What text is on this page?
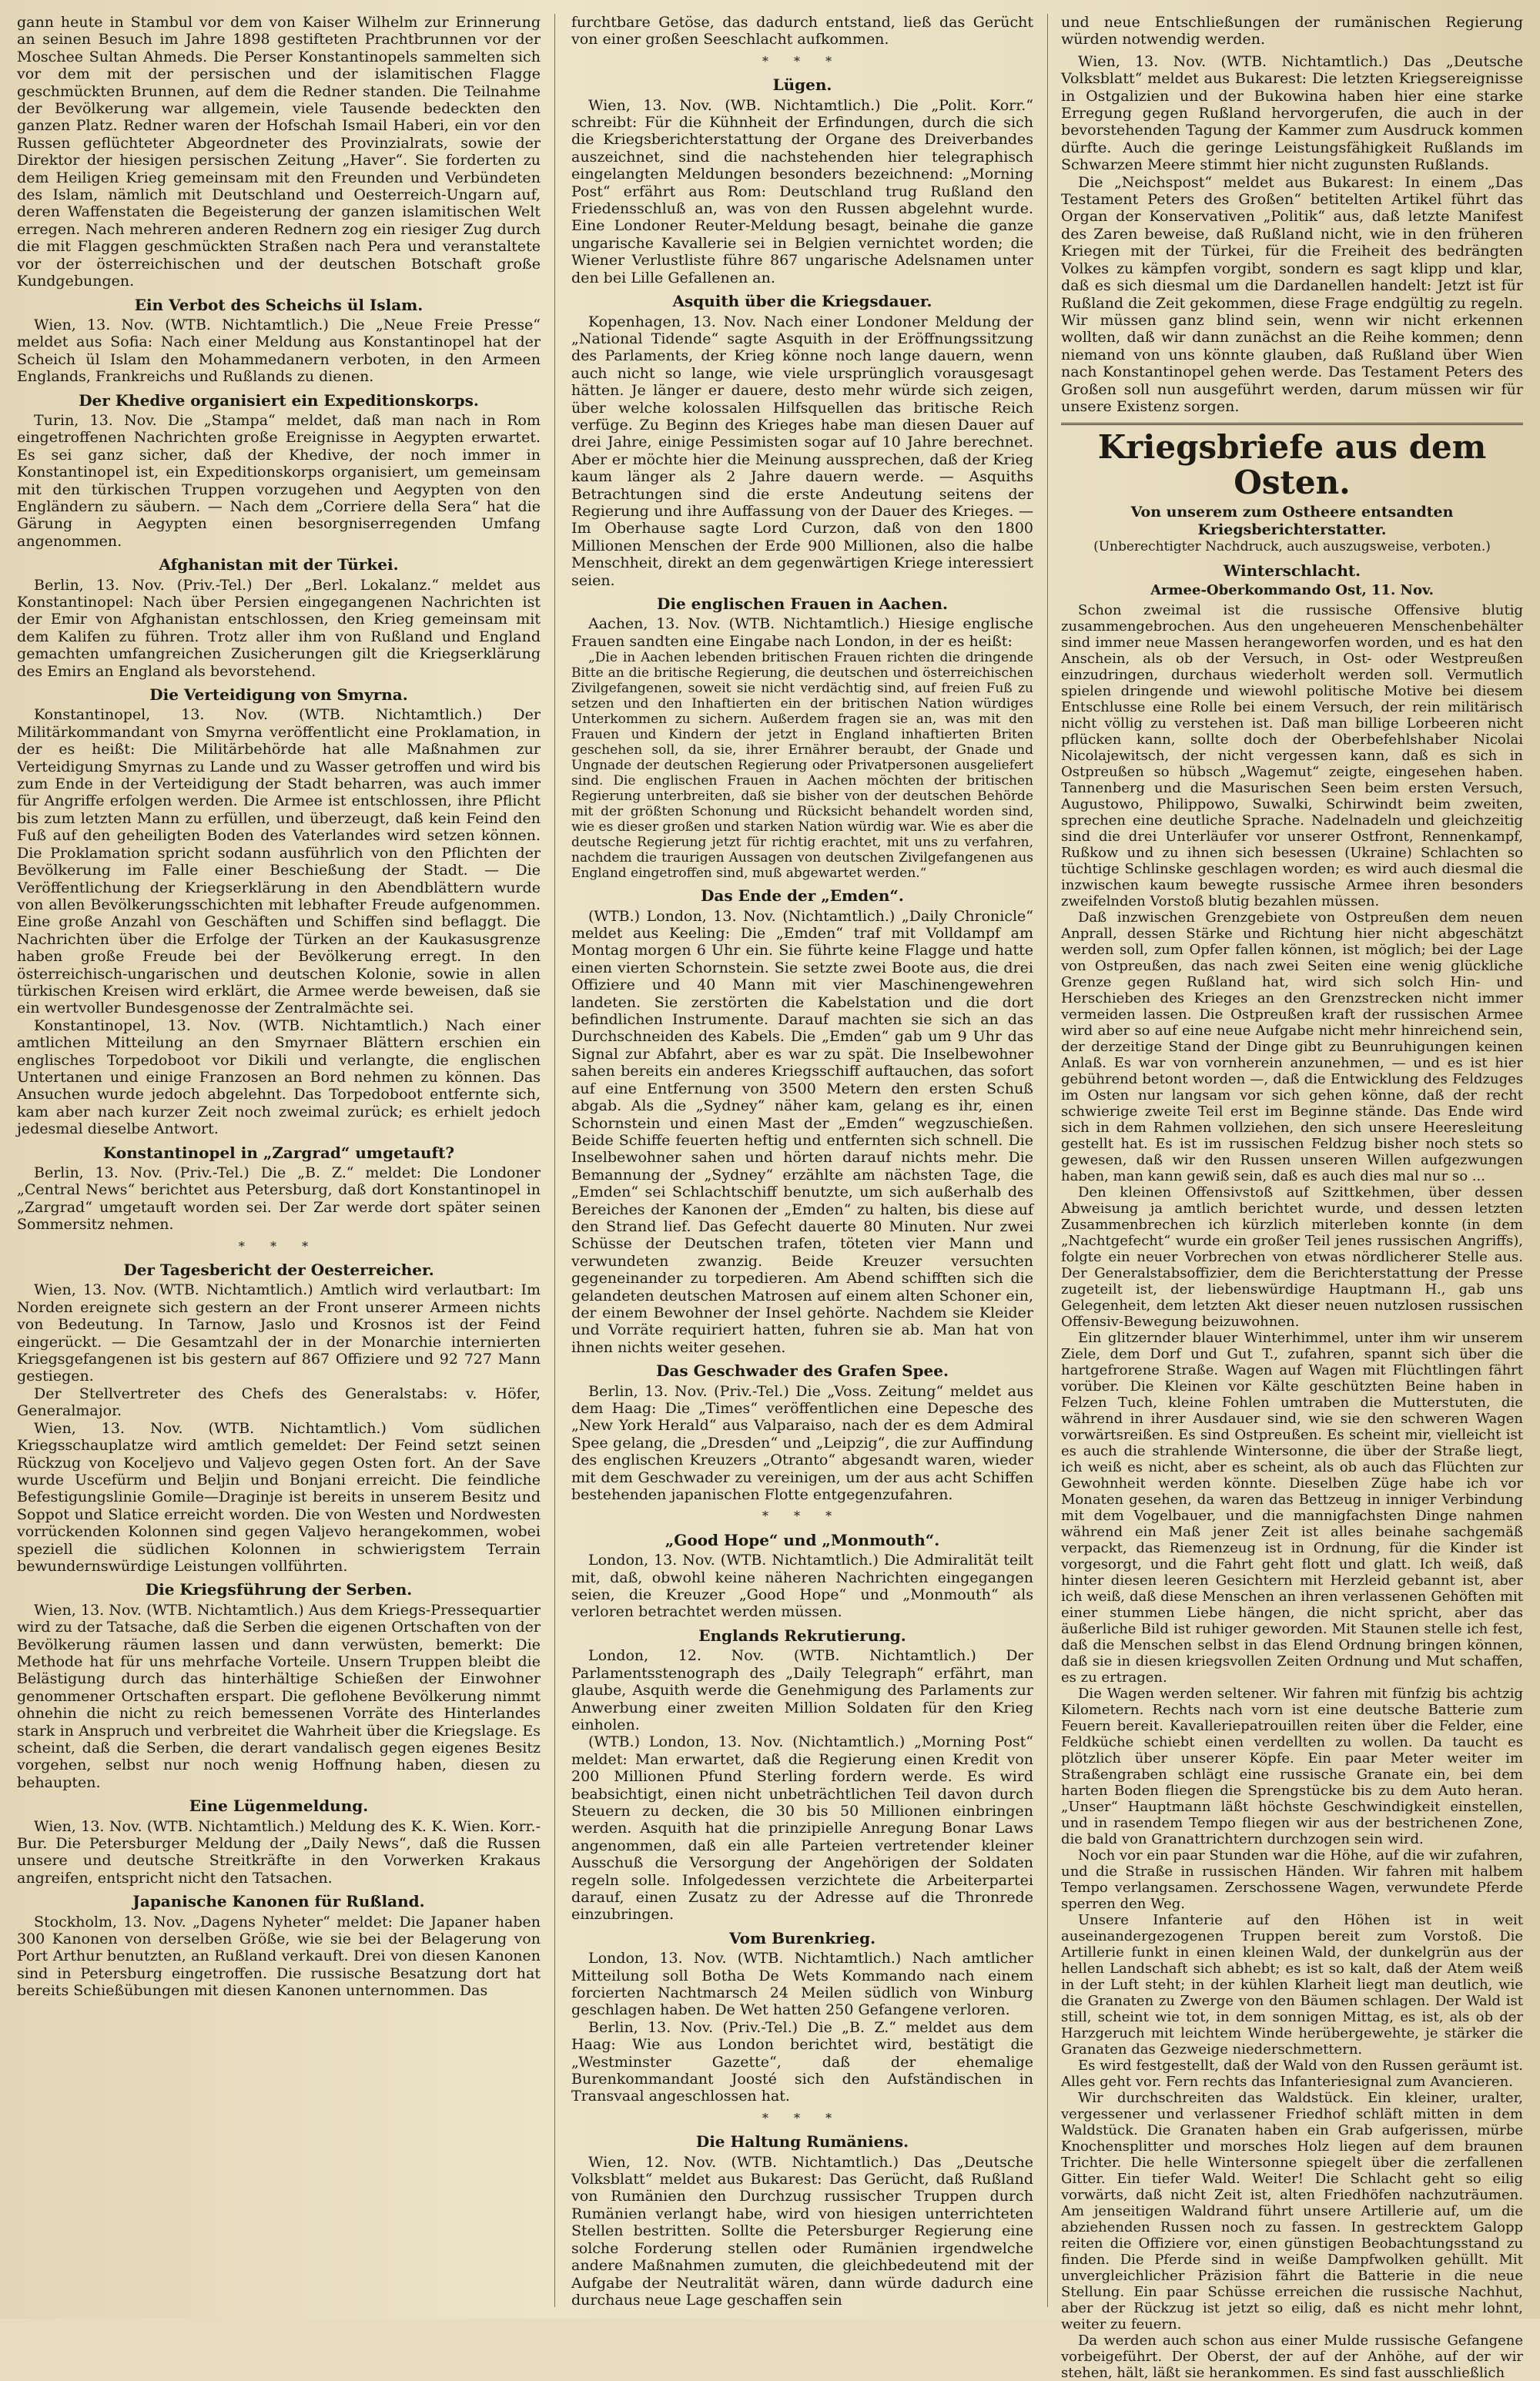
gann heute in Stambul vor dem von Kaiser Wilhelm zur Erinnerung an seinen Besuch im Jahre 1898 gestifteten Prachtbrunnen vor der Moschee Sultan Ahmeds. Die Perser Konstantinopels sammelten sich vor dem mit der persischen und der islamitischen Flagge geschmückten Brunnen, auf dem die Redner standen. Die Teilnahme der Bevölkerung war allgemein, viele Tausende bedeckten den ganzen Platz. Redner waren der Hofschah Ismail Haberi, ein vor den Russen geflüchteter Abgeordneter des Provinzialrats, sowie der Direktor der hiesigen persischen Zeitung „Haver“. Sie forderten zu dem Heiligen Krieg gemeinsam mit den Freunden und Verbündeten des Islam, nämlich mit Deutschland und Oesterreich-Ungarn auf, deren Waffenstaten die Begeisterung der ganzen islamitischen Welt erregen. Nach mehreren anderen Rednern zog ein riesiger Zug durch die mit Flaggen geschmückten Straßen nach Pera und veranstaltete vor der österreichischen und der deutschen Botschaft große Kundgebungen.

Ein Verbot des Scheichs ül Islam.

Wien, 13. Nov. (WTB. Nichtamtlich.) Die „Neue Freie Presse“ meldet aus Sofia: Nach einer Meldung aus Konstantinopel hat der Scheich ül Islam den Mohammedanern verboten, in den Armeen Englands, Frankreichs und Rußlands zu dienen.

Der Khedive organisiert ein Expeditionskorps.

Turin, 13. Nov. Die „Stampa“ meldet, daß man nach in Rom eingetroffenen Nachrichten große Ereignisse in Aegypten erwartet. Es sei ganz sicher, daß der Khedive, der noch immer in Konstantinopel ist, ein Expeditionskorps organisiert, um gemeinsam mit den türkischen Truppen vorzugehen und Aegypten von den Engländern zu säubern. — Nach dem „Corriere della Sera“ hat die Gärung in Aegypten einen besorgniserregenden Umfang angenommen.

Afghanistan mit der Türkei.

Berlin, 13. Nov. (Priv.-Tel.) Der „Berl. Lokalanz.“ meldet aus Konstantinopel: Nach über Persien eingegangenen Nachrichten ist der Emir von Afghanistan entschlossen, den Krieg gemeinsam mit dem Kalifen zu führen. Trotz aller ihm von Rußland und England gemachten umfangreichen Zusicherungen gilt die Kriegserklärung des Emirs an England als bevorstehend.

Die Verteidigung von Smyrna.

Konstantinopel, 13. Nov. (WTB. Nichtamtlich.) Der Militärkommandant von Smyrna veröffentlicht eine Proklamation, in der es heißt: Die Militärbehörde hat alle Maßnahmen zur Verteidigung Smyrnas zu Lande und zu Wasser getroffen und wird bis zum Ende in der Verteidigung der Stadt beharren, was auch immer für Angriffe erfolgen werden. Die Armee ist entschlossen, ihre Pflicht bis zum letzten Mann zu erfüllen, und überzeugt, daß kein Feind den Fuß auf den geheiligten Boden des Vaterlandes wird setzen können. Die Proklamation spricht sodann ausführlich von den Pflichten der Bevölkerung im Falle einer Beschießung der Stadt. — Die Veröffentlichung der Kriegserklärung in den Abendblättern wurde von allen Bevölkerungsschichten mit lebhafter Freude aufgenommen. Eine große Anzahl von Geschäften und Schiffen sind beflaggt. Die Nachrichten über die Erfolge der Türken an der Kaukasusgrenze haben große Freude bei der Bevölkerung erregt. In den österreichisch-ungarischen und deutschen Kolonie, sowie in allen türkischen Kreisen wird erklärt, die Armee werde beweisen, daß sie ein wertvoller Bundesgenosse der Zentralmächte sei.

Konstantinopel, 13. Nov. (WTB. Nichtamtlich.) Nach einer amtlichen Mitteilung an den Smyrnaer Blättern erschien ein englisches Torpedoboot vor Dikili und verlangte, die englischen Untertanen und einige Franzosen an Bord nehmen zu können. Das Ansuchen wurde jedoch abgelehnt. Das Torpedoboot entfernte sich, kam aber nach kurzer Zeit noch zweimal zurück; es erhielt jedoch jedesmal dieselbe Antwort.

Konstantinopel in „Zargrad“ umgetauft?

Berlin, 13. Nov. (Priv.-Tel.) Die „B. Z.“ meldet: Die Londoner „Central News“ berichtet aus Petersburg, daß dort Konstantinopel in „Zargrad“ umgetauft worden sei. Der Zar werde dort später seinen Sommersitz nehmen.

* * *
Der Tagesbericht der Oesterreicher.

Wien, 13. Nov. (WTB. Nichtamtlich.) Amtlich wird verlautbart: Im Norden ereignete sich gestern an der Front unserer Armeen nichts von Bedeutung. In Tarnow, Jaslo und Krosnos ist der Feind eingerückt. — Die Gesamtzahl der in der Monarchie internierten Kriegsgefangenen ist bis gestern auf 867 Offiziere und 92 727 Mann gestiegen.

Der Stellvertreter des Chefs des Generalstabs: v. Höfer, Generalmajor.

Wien, 13. Nov. (WTB. Nichtamtlich.) Vom südlichen Kriegsschauplatze wird amtlich gemeldet: Der Feind setzt seinen Rückzug von Koceljevo und Valjevo gegen Osten fort. An der Save wurde Uscefürm und Beljin und Bonjani erreicht. Die feindliche Befestigungslinie Gomile—Draginje ist bereits in unserem Besitz und Soppot und Slatice erreicht worden. Die von Westen und Nordwesten vorrückenden Kolonnen sind gegen Valjevo herangekommen, wobei speziell die südlichen Kolonnen in schwierigstem Terrain bewundernswürdige Leistungen vollführten.

Die Kriegsführung der Serben.

Wien, 13. Nov. (WTB. Nichtamtlich.) Aus dem Kriegs-Pressequartier wird zu der Tatsache, daß die Serben die eigenen Ortschaften von der Bevölkerung räumen lassen und dann verwüsten, bemerkt: Die Methode hat für uns mehrfache Vorteile. Unsern Truppen bleibt die Belästigung durch das hinterhältige Schießen der Einwohner genommener Ortschaften erspart. Die geflohene Bevölkerung nimmt ohnehin die nicht zu reich bemessenen Vorräte des Hinterlandes stark in Anspruch und verbreitet die Wahrheit über die Kriegslage. Es scheint, daß die Serben, die derart vandalisch gegen eigenes Besitz vorgehen, selbst nur noch wenig Hoffnung haben, diesen zu behaupten.

Eine Lügenmeldung.

Wien, 13. Nov. (WTB. Nichtamtlich.) Meldung des K. K. Wien. Korr.-Bur. Die Petersburger Meldung der „Daily News“, daß die Russen unsere und deutsche Streitkräfte in den Vorwerken Krakaus angreifen, entspricht nicht den Tatsachen.

Japanische Kanonen für Rußland.

Stockholm, 13. Nov. „Dagens Nyheter“ meldet: Die Japaner haben 300 Kanonen von derselben Größe, wie sie bei der Belagerung von Port Arthur benutzten, an Rußland verkauft. Drei von diesen Kanonen sind in Petersburg eingetroffen. Die russische Besatzung dort hat bereits Schießübungen mit diesen Kanonen unternommen. Das

furchtbare Getöse, das dadurch entstand, ließ das Gerücht von einer großen Seeschlacht aufkommen.

* * *
Lügen.

Wien, 13. Nov. (WB. Nichtamtlich.) Die „Polit. Korr.“ schreibt: Für die Kühnheit der Erfindungen, durch die sich die Kriegsberichterstattung der Organe des Dreiverbandes auszeichnet, sind die nachstehenden hier telegraphisch eingelangten Meldungen besonders bezeichnend: „Morning Post“ erfährt aus Rom: Deutschland trug Rußland den Friedensschluß an, was von den Russen abgelehnt wurde. Eine Londoner Reuter-Meldung besagt, beinahe die ganze ungarische Kavallerie sei in Belgien vernichtet worden; die Wiener Verlustliste führe 867 ungarische Adelsnamen unter den bei Lille Gefallenen an.

Asquith über die Kriegsdauer.

Kopenhagen, 13. Nov. Nach einer Londoner Meldung der „National Tidende“ sagte Asquith in der Eröffnungssitzung des Parlaments, der Krieg könne noch lange dauern, wenn auch nicht so lange, wie viele ursprünglich vorausgesagt hätten. Je länger er dauere, desto mehr würde sich zeigen, über welche kolossalen Hilfsquellen das britische Reich verfüge. Zu Beginn des Krieges habe man diesen Dauer auf drei Jahre, einige Pessimisten sogar auf 10 Jahre berechnet. Aber er möchte hier die Meinung aussprechen, daß der Krieg kaum länger als 2 Jahre dauern werde. — Asquiths Betrachtungen sind die erste Andeutung seitens der Regierung und ihre Auffassung von der Dauer des Krieges. — Im Oberhause sagte Lord Curzon, daß von den 1800 Millionen Menschen der Erde 900 Millionen, also die halbe Menschheit, direkt an dem gegenwärtigen Kriege interessiert seien.

Die englischen Frauen in Aachen.

Aachen, 13. Nov. (WTB. Nichtamtlich.) Hiesige englische Frauen sandten eine Eingabe nach London, in der es heißt:

„Die in Aachen lebenden britischen Frauen richten die dringende Bitte an die britische Regierung, die deutschen und österreichischen Zivilgefangenen, soweit sie nicht verdächtig sind, auf freien Fuß zu setzen und den Inhaftierten ein der britischen Nation würdiges Unterkommen zu sichern. Außerdem fragen sie an, was mit den Frauen und Kindern der jetzt in England inhaftierten Briten geschehen soll, da sie, ihrer Ernährer beraubt, der Gnade und Ungnade der deutschen Regierung oder Privatpersonen ausgeliefert sind. Die englischen Frauen in Aachen möchten der britischen Regierung unterbreiten, daß sie bisher von der deutschen Behörde mit der größten Schonung und Rücksicht behandelt worden sind, wie es dieser großen und starken Nation würdig war. Wie es aber die deutsche Regierung jetzt für richtig erachtet, mit uns zu verfahren, nachdem die traurigen Aussagen von deutschen Zivilgefangenen aus England eingetroffen sind, muß abgewartet werden.“

Das Ende der „Emden“.

(WTB.) London, 13. Nov. (Nichtamtlich.) „Daily Chronicle“ meldet aus Keeling: Die „Emden“ traf mit Volldampf am Montag morgen 6 Uhr ein. Sie führte keine Flagge und hatte einen vierten Schornstein. Sie setzte zwei Boote aus, die drei Offiziere und 40 Mann mit vier Maschinengewehren landeten. Sie zerstörten die Kabelstation und die dort befindlichen Instrumente. Darauf machten sie sich an das Durchschneiden des Kabels. Die „Emden“ gab um 9 Uhr das Signal zur Abfahrt, aber es war zu spät. Die Inselbewohner sahen bereits ein anderes Kriegsschiff auftauchen, das sofort auf eine Entfernung von 3500 Metern den ersten Schuß abgab. Als die „Sydney“ näher kam, gelang es ihr, einen Schornstein und einen Mast der „Emden“ wegzuschießen. Beide Schiffe feuerten heftig und entfernten sich schnell. Die Inselbewohner sahen und hörten darauf nichts mehr. Die Bemannung der „Sydney“ erzählte am nächsten Tage, die „Emden“ sei Schlachtschiff benutzte, um sich außerhalb des Bereiches der Kanonen der „Emden“ zu halten, bis diese auf den Strand lief. Das Gefecht dauerte 80 Minuten. Nur zwei Schüsse der Deutschen trafen, töteten vier Mann und verwundeten zwanzig. Beide Kreuzer versuchten gegeneinander zu torpedieren. Am Abend schifften sich die gelandeten deutschen Matrosen auf einem alten Schoner ein, der einem Bewohner der Insel gehörte. Nachdem sie Kleider und Vorräte requiriert hatten, fuhren sie ab. Man hat von ihnen nichts weiter gesehen.

Das Geschwader des Grafen Spee.

Berlin, 13. Nov. (Priv.-Tel.) Die „Voss. Zeitung“ meldet aus dem Haag: Die „Times“ veröffentlichen eine Depesche des „New York Herald“ aus Valparaiso, nach der es dem Admiral Spee gelang, die „Dresden“ und „Leipzig“, die zur Auffindung des englischen Kreuzers „Otranto“ abgesandt waren, wieder mit dem Geschwader zu vereinigen, um der aus acht Schiffen bestehenden japanischen Flotte entgegenzufahren.

* * *
„Good Hope“ und „Monmouth“.

London, 13. Nov. (WTB. Nichtamtlich.) Die Admiralität teilt mit, daß, obwohl keine näheren Nachrichten eingegangen seien, die Kreuzer „Good Hope“ und „Monmouth“ als verloren betrachtet werden müssen.

Englands Rekrutierung.

London, 12. Nov. (WTB. Nichtamtlich.) Der Parlamentsstenograph des „Daily Telegraph“ erfährt, man glaube, Asquith werde die Genehmigung des Parlaments zur Anwerbung einer zweiten Million Soldaten für den Krieg einholen.

(WTB.) London, 13. Nov. (Nichtamtlich.) „Morning Post“ meldet: Man erwartet, daß die Regierung einen Kredit von 200 Millionen Pfund Sterling fordern werde. Es wird beabsichtigt, einen nicht unbeträchtlichen Teil davon durch Steuern zu decken, die 30 bis 50 Millionen einbringen werden. Asquith hat die prinzipielle Anregung Bonar Laws angenommen, daß ein alle Parteien vertretender kleiner Ausschuß die Versorgung der Angehörigen der Soldaten regeln solle. Infolgedessen verzichtete die Arbeiterpartei darauf, einen Zusatz zu der Adresse auf die Thronrede einzubringen.

Vom Burenkrieg.

London, 13. Nov. (WTB. Nichtamtlich.) Nach amtlicher Mitteilung soll Botha De Wets Kommando nach einem forcierten Nachtmarsch 24 Meilen südlich von Winburg geschlagen haben. De Wet hatten 250 Gefangene verloren.

Berlin, 13. Nov. (Priv.-Tel.) Die „B. Z.“ meldet aus dem Haag: Wie aus London berichtet wird, bestätigt die „Westminster Gazette“, daß der ehemalige Burenkommandant Joosté sich den Aufständischen in Transvaal angeschlossen hat.

* * *
Die Haltung Rumäniens.

Wien, 12. Nov. (WTB. Nichtamtlich.) Das „Deutsche Volksblatt“ meldet aus Bukarest: Das Gerücht, daß Rußland von Rumänien den Durchzug russischer Truppen durch Rumänien verlangt habe, wird von hiesigen unterrichteten Stellen bestritten. Sollte die Petersburger Regierung eine solche Forderung stellen oder Rumänien irgendwelche andere Maßnahmen zumuten, die gleichbedeutend mit der Aufgabe der Neutralität wären, dann würde dadurch eine durchaus neue Lage geschaffen sein

und neue Entschließungen der rumänischen Regierung würden notwendig werden.

Wien, 13. Nov. (WTB. Nichtamtlich.) Das „Deutsche Volksblatt“ meldet aus Bukarest: Die letzten Kriegsereignisse in Ostgalizien und der Bukowina haben hier eine starke Erregung gegen Rußland hervorgerufen, die auch in der bevorstehenden Tagung der Kammer zum Ausdruck kommen dürfte. Auch die geringe Leistungsfähigkeit Rußlands im Schwarzen Meere stimmt hier nicht zugunsten Rußlands.

Die „Neichspost“ meldet aus Bukarest: In einem „Das Testament Peters des Großen“ betitelten Artikel führt das Organ der Konservativen „Politik“ aus, daß letzte Manifest des Zaren beweise, daß Rußland nicht, wie in den früheren Kriegen mit der Türkei, für die Freiheit des bedrängten Volkes zu kämpfen vorgibt, sondern es sagt klipp und klar, daß es sich diesmal um die Dardanellen handelt: Jetzt ist für Rußland die Zeit gekommen, diese Frage endgültig zu regeln. Wir müssen ganz blind sein, wenn wir nicht erkennen wollten, daß wir dann zunächst an die Reihe kommen; denn niemand von uns könnte glauben, daß Rußland über Wien nach Konstantinopel gehen werde. Das Testament Peters des Großen soll nun ausgeführt werden, darum müssen wir für unsere Existenz sorgen.

Kriegsbriefe aus dem Osten.
Von unserem zum Ostheere entsandten Kriegsberichterstatter.
(Unberechtigter Nachdruck, auch auszugsweise, verboten.)
Winterschlacht.
Armee-Oberkommando Ost, 11. Nov.

Schon zweimal ist die russische Offensive blutig zusammengebrochen. Aus den ungeheueren Menschenbehälter sind immer neue Massen herangeworfen worden, und es hat den Anschein, als ob der Versuch, in Ost- oder Westpreußen einzudringen, durchaus wiederholt werden soll. Vermutlich spielen dringende und wiewohl politische Motive bei diesem Entschlusse eine Rolle bei einem Versuch, der rein militärisch nicht völlig zu verstehen ist. Daß man billige Lorbeeren nicht pflücken kann, sollte doch der Oberbefehlshaber Nicolai Nicolajewitsch, der nicht vergessen kann, daß es sich in Ostpreußen so hübsch „Wagemut“ zeigte, eingesehen haben. Tannenberg und die Masurischen Seen beim ersten Versuch, Augustowo, Philippowo, Suwalki, Schirwindt beim zweiten, sprechen eine deutliche Sprache. Nadelnadeln und gleichzeitig sind die drei Unterläufer vor unserer Ostfront, Rennenkampf, Rußkow und zu ihnen sich besessen (Ukraine) Schlachten so tüchtige Schlinske geschlagen worden; es wird auch diesmal die inzwischen kaum bewegte russische Armee ihren besonders zweifelnden Vorstoß blutig bezahlen müssen.

Daß inzwischen Grenzgebiete von Ostpreußen dem neuen Anprall, dessen Stärke und Richtung hier nicht abgeschätzt werden soll, zum Opfer fallen können, ist möglich; bei der Lage von Ostpreußen, das nach zwei Seiten eine wenig glückliche Grenze gegen Rußland hat, wird sich solch Hin- und Herschieben des Krieges an den Grenzstrecken nicht immer vermeiden lassen. Die Ostpreußen kraft der russischen Armee wird aber so auf eine neue Aufgabe nicht mehr hinreichend sein, der derzeitige Stand der Dinge gibt zu Beunruhigungen keinen Anlaß. Es war von vornherein anzunehmen, — und es ist hier gebührend betont worden —, daß die Entwicklung des Feldzuges im Osten nur langsam vor sich gehen könne, daß der recht schwierige zweite Teil erst im Beginne stände. Das Ende wird sich in dem Rahmen vollziehen, den sich unsere Heeresleitung gestellt hat. Es ist im russischen Feldzug bisher noch stets so gewesen, daß wir den Russen unseren Willen aufgezwungen haben, man kann gewiß sein, daß es auch dies mal nur so ...

Den kleinen Offensivstoß auf Szittkehmen, über dessen Abweisung ja amtlich berichtet wurde, und dessen letzten Zusammenbrechen ich kürzlich miterleben konnte (in dem „Nachtgefecht“ wurde ein großer Teil jenes russischen Angriffs), folgte ein neuer Vorbrechen von etwas nördlicherer Stelle aus. Der Generalstabsoffizier, dem die Berichterstattung der Presse zugeteilt ist, der liebenswürdige Hauptmann H., gab uns Gelegenheit, dem letzten Akt dieser neuen nutzlosen russischen Offensiv-Bewegung beizuwohnen.

Ein glitzernder blauer Winterhimmel, unter ihm wir unserem Ziele, dem Dorf und Gut T., zufahren, spannt sich über die hartgefrorene Straße. Wagen auf Wagen mit Flüchtlingen fährt vorüber. Die Kleinen vor Kälte geschützten Beine haben in Felzen Tuch, kleine Fohlen umtraben die Mutterstuten, die während in ihrer Ausdauer sind, wie sie den schweren Wagen vorwärtsreißen. Es sind Ostpreußen. Es scheint mir, vielleicht ist es auch die strahlende Wintersonne, die über der Straße liegt, ich weiß es nicht, aber es scheint, als ob auch das Flüchten zur Gewohnheit werden könnte. Dieselben Züge habe ich vor Monaten gesehen, da waren das Bettzeug in inniger Verbindung mit dem Vogelbauer, und die mannigfachsten Dinge nahmen während ein Maß jener Zeit ist alles beinahe sachgemäß verpackt, das Riemenzeug ist in Ordnung, für die Kinder ist vorgesorgt, und die Fahrt geht flott und glatt. Ich weiß, daß hinter diesen leeren Gesichtern mit Herzleid gebannt ist, aber ich weiß, daß diese Menschen an ihren verlassenen Gehöften mit einer stummen Liebe hängen, die nicht spricht, aber das äußerliche Bild ist ruhiger geworden. Mit Staunen stelle ich fest, daß die Menschen selbst in das Elend Ordnung bringen können, daß sie in diesen kriegsvollen Zeiten Ordnung und Mut schaffen, es zu ertragen.

Die Wagen werden seltener. Wir fahren mit fünfzig bis achtzig Kilometern. Rechts nach vorn ist eine deutsche Batterie zum Feuern bereit. Kavalleriepatrouillen reiten über die Felder, eine Feldküche schiebt einen verdellten zu wollen. Da taucht es plötzlich über unserer Köpfe. Ein paar Meter weiter im Straßengraben schlägt eine russische Granate ein, bei dem harten Boden fliegen die Sprengstücke bis zu dem Auto heran. „Unser“ Hauptmann läßt höchste Geschwindigkeit einstellen, und in rasendem Tempo fliegen wir aus der bestrichenen Zone, die bald von Granattrichtern durchzogen sein wird.

Noch vor ein paar Stunden war die Höhe, auf die wir zufahren, und die Straße in russischen Händen. Wir fahren mit halbem Tempo verlangsamen. Zerschossene Wagen, verwundete Pferde sperren den Weg.

Unsere Infanterie auf den Höhen ist in weit auseinandergezogenen Truppen bereit zum Vorstoß. Die Artillerie funkt in einen kleinen Wald, der dunkelgrün aus der hellen Landschaft sich abhebt; es ist so kalt, daß der Atem weiß in der Luft steht; in der kühlen Klarheit liegt man deutlich, wie die Granaten zu Zwerge von den Bäumen schlagen. Der Wald ist still, scheint wie tot, in dem sonnigen Mittag, es ist, als ob der Harzgeruch mit leichtem Winde herübergewehte, je stärker die Granaten das Gezweige niederschmettern.

Es wird festgestellt, daß der Wald von den Russen geräumt ist. Alles geht vor. Fern rechts das Infanteriesignal zum Avancieren.

Wir durchschreiten das Waldstück. Ein kleiner, uralter, vergessener und verlassener Friedhof schläft mitten in dem Waldstück. Die Granaten haben ein Grab aufgerissen, mürbe Knochensplitter und morsches Holz liegen auf dem braunen Trichter. Die helle Wintersonne spiegelt über die zerfallenen Gitter. Ein tiefer Wald. Weiter! Die Schlacht geht so eilig vorwärts, daß nicht Zeit ist, alten Friedhöfen nachzuträumen. Am jenseitigen Waldrand führt unsere Artillerie auf, um die abziehenden Russen noch zu fassen. In gestrecktem Galopp reiten die Offiziere vor, einen günstigen Beobachtungsstand zu finden. Die Pferde sind in weiße Dampfwolken gehüllt. Mit unvergleichlicher Präzision fährt die Batterie in die neue Stellung. Ein paar Schüsse erreichen die russische Nachhut, aber der Rückzug ist jetzt so eilig, daß es nicht mehr lohnt, weiter zu feuern.

Da werden auch schon aus einer Mulde russische Gefangene vorbeigeführt. Der Oberst, der auf der Anhöhe, auf der wir stehen, hält, läßt sie herankommen. Es sind fast ausschließlich
